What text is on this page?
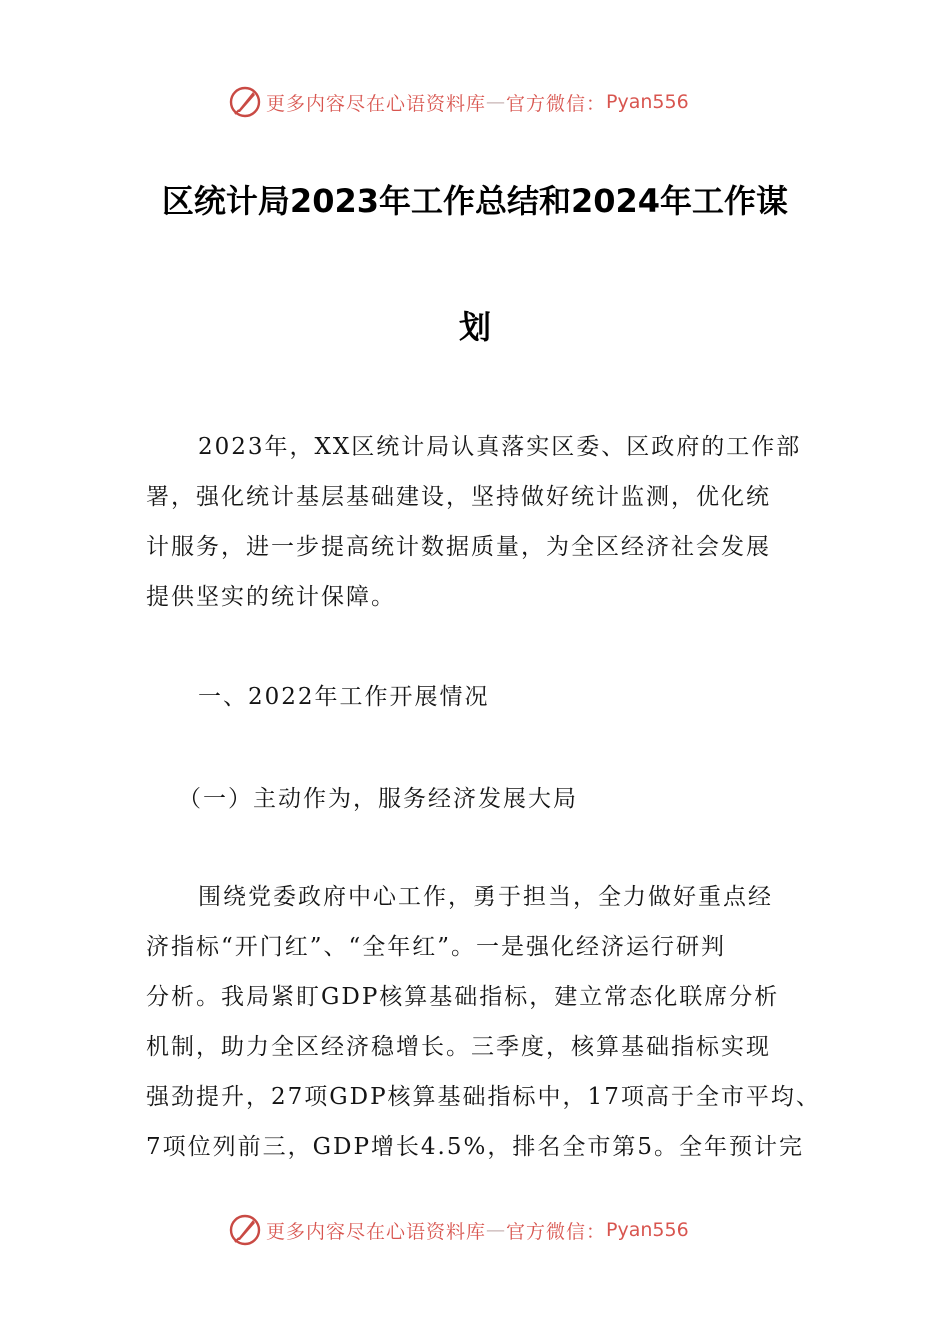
更多内容尽在心语资料库 — 官方微信： Pyan556
区统计局2023年工作总结和2024年工作谋
划

2023年，XX区统计局认真落实区委、区政府的工作部
署，强化统计基层基础建设，坚持做好统计监测，优化统
计服务，进一步提高统计数据质量，为全区经济社会发展
提供坚实的统计保障。

一、2022年工作开展情况
（一）主动作为，服务经济发展大局

围绕党委政府中心工作，勇于担当，全力做好重点经
济指标“开门红”、“全年红”。一是强化经济运行研判
分析。我局紧盯GDP核算基础指标，建立常态化联席分析
机制，助力全区经济稳增长。三季度，核算基础指标实现
强劲提升，27项GDP核算基础指标中，17项高于全市平均、
7项位列前三，GDP增长4.5%，排名全市第5。全年预计完

更多内容尽在心语资料库 — 官方微信： Pyan556
